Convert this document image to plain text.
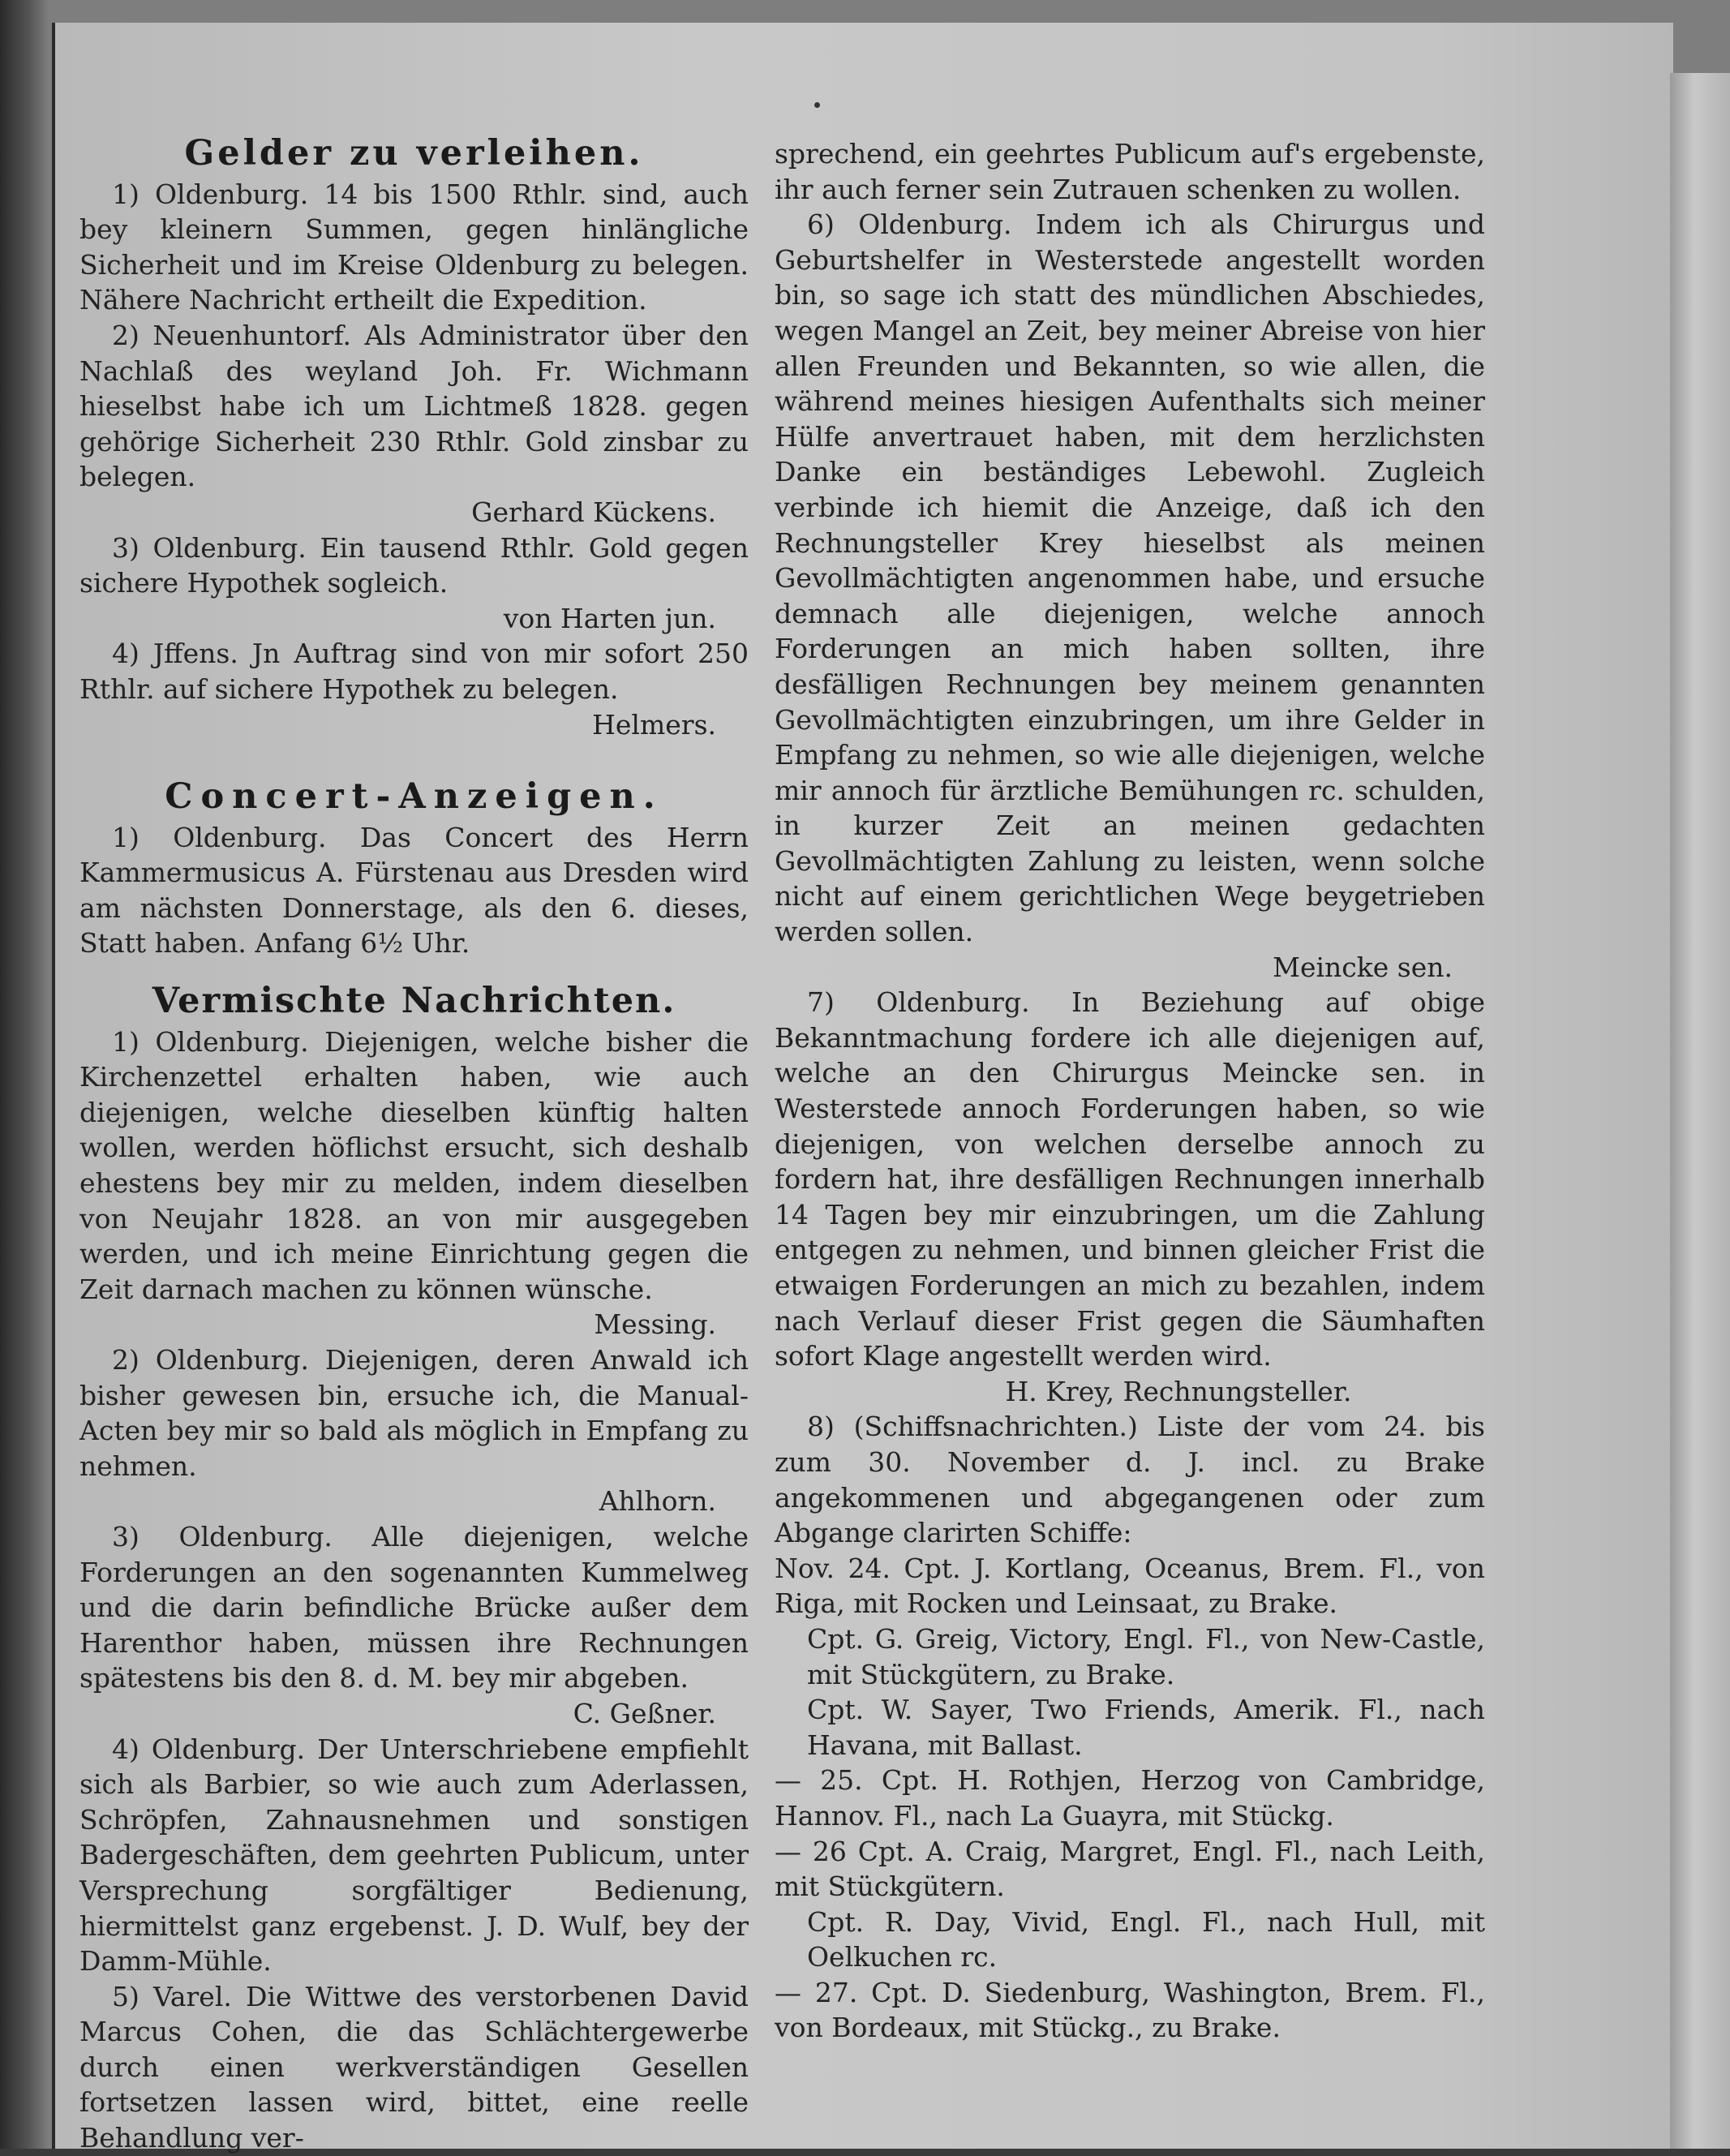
Gelder zu verleihen.

1) Oldenburg. 14 bis 1500 Rthlr. sind, auch bey kleinern Summen, gegen hinlängliche Sicherheit und im Kreise Oldenburg zu belegen. Nähere Nachricht ertheilt die Expedition.

2) Neuenhuntorf. Als Administrator über den Nachlaß des weyland Joh. Fr. Wichmann hieselbst habe ich um Lichtmeß 1828. gegen gehörige Sicherheit 230 Rthlr. Gold zinsbar zu belegen.

Gerhard Kückens.

3) Oldenburg. Ein tausend Rthlr. Gold gegen sichere Hypothek sogleich.

von Harten jun.

4) Jffens. Jn Auftrag sind von mir sofort 250 Rthlr. auf sichere Hypothek zu belegen.

Helmers.
Concert-Anzeigen.

1) Oldenburg. Das Concert des Herrn Kammermusicus A. Fürstenau aus Dresden wird am nächsten Donnerstage, als den 6. dieses, Statt haben. Anfang 6½ Uhr.

Vermischte Nachrichten.

1) Oldenburg. Diejenigen, welche bisher die Kirchenzettel erhalten haben, wie auch diejenigen, welche dieselben künftig halten wollen, werden höflichst ersucht, sich deshalb ehestens bey mir zu melden, indem dieselben von Neujahr 1828. an von mir ausgegeben werden, und ich meine Einrichtung gegen die Zeit darnach machen zu können wünsche.

Messing.

2) Oldenburg. Diejenigen, deren Anwald ich bisher gewesen bin, ersuche ich, die Manual-Acten bey mir so bald als möglich in Empfang zu nehmen.

Ahlhorn.

3) Oldenburg. Alle diejenigen, welche Forderungen an den sogenannten Kummelweg und die darin befindliche Brücke außer dem Harenthor haben, müssen ihre Rechnungen spätestens bis den 8. d. M. bey mir abgeben.

C. Geßner.

4) Oldenburg. Der Unterschriebene empfiehlt sich als Barbier, so wie auch zum Aderlassen, Schröpfen, Zahnausnehmen und sonstigen Badergeschäften, dem geehrten Publicum, unter Versprechung sorgfältiger Bedienung, hiermittelst ganz ergebenst. J. D. Wulf, bey der Damm-Mühle.

5) Varel. Die Wittwe des verstorbenen David Marcus Cohen, die das Schlächtergewerbe durch einen werkverständigen Gesellen fortsetzen lassen wird, bittet, eine reelle Behandlung ver-

sprechend, ein geehrtes Publicum auf's ergebenste, ihr auch ferner sein Zutrauen schenken zu wollen.

6) Oldenburg. Indem ich als Chirurgus und Geburtshelfer in Westerstede angestellt worden bin, so sage ich statt des mündlichen Abschiedes, wegen Mangel an Zeit, bey meiner Abreise von hier allen Freunden und Bekannten, so wie allen, die während meines hiesigen Aufenthalts sich meiner Hülfe anvertrauet haben, mit dem herzlichsten Danke ein beständiges Lebewohl. Zugleich verbinde ich hiemit die Anzeige, daß ich den Rechnungsteller Krey hieselbst als meinen Gevollmächtigten angenommen habe, und ersuche demnach alle diejenigen, welche annoch Forderungen an mich haben sollten, ihre desfälligen Rechnungen bey meinem genannten Gevollmächtigten einzubringen, um ihre Gelder in Empfang zu nehmen, so wie alle diejenigen, welche mir annoch für ärztliche Bemühungen rc. schulden, in kurzer Zeit an meinen gedachten Gevollmächtigten Zahlung zu leisten, wenn solche nicht auf einem gerichtlichen Wege beygetrieben werden sollen.

Meincke sen.

7) Oldenburg. In Beziehung auf obige Bekanntmachung fordere ich alle diejenigen auf, welche an den Chirurgus Meincke sen. in Westerstede annoch Forderungen haben, so wie diejenigen, von welchen derselbe annoch zu fordern hat, ihre desfälligen Rechnungen innerhalb 14 Tagen bey mir einzubringen, um die Zahlung entgegen zu nehmen, und binnen gleicher Frist die etwaigen Forderungen an mich zu bezahlen, indem nach Verlauf dieser Frist gegen die Säumhaften sofort Klage angestellt werden wird.

H. Krey, Rechnungsteller.

8) (Schiffsnachrichten.) Liste der vom 24. bis zum 30. November d. J. incl. zu Brake angekommenen und abgegangenen oder zum Abgange clarirten Schiffe:

Nov. 24. Cpt. J. Kortlang, Oceanus, Brem. Fl., von Riga, mit Rocken und Leinsaat, zu Brake.

Cpt. G. Greig, Victory, Engl. Fl., von New-Castle, mit Stückgütern, zu Brake.

Cpt. W. Sayer, Two Friends, Amerik. Fl., nach Havana, mit Ballast.

— 25. Cpt. H. Rothjen, Herzog von Cambridge, Hannov. Fl., nach La Guayra, mit Stückg.

— 26 Cpt. A. Craig, Margret, Engl. Fl., nach Leith, mit Stückgütern.

Cpt. R. Day, Vivid, Engl. Fl., nach Hull, mit Oelkuchen rc.

— 27. Cpt. D. Siedenburg, Washington, Brem. Fl., von Bordeaux, mit Stückg., zu Brake.
